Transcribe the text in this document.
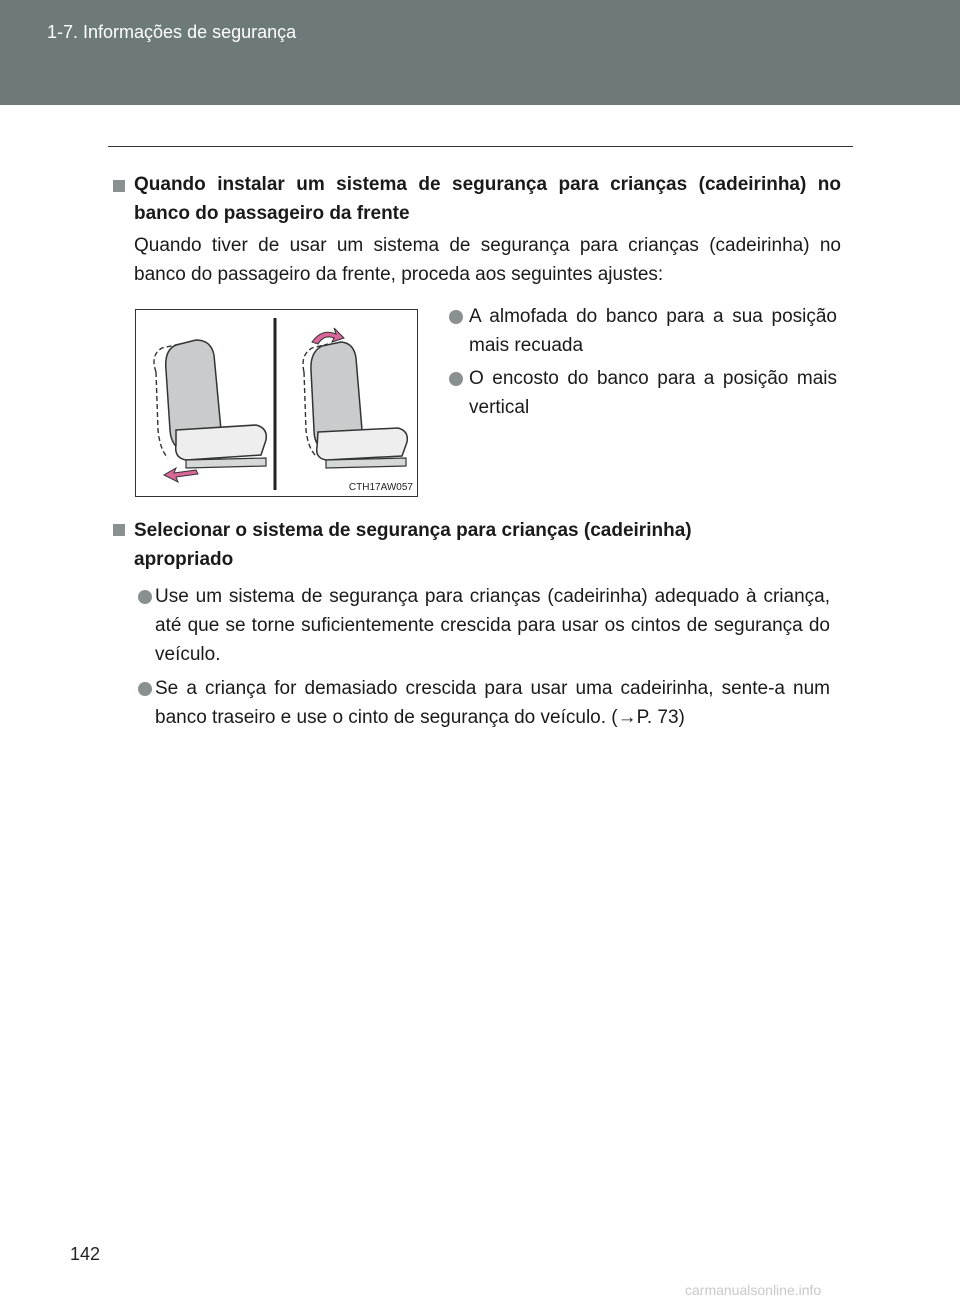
1-7. Informações de segurança
Quando instalar um sistema de segurança para crianças (cadeirinha) no banco do passageiro da frente
Quando tiver de usar um sistema de segurança para crianças (cadeirinha) no banco do passageiro da frente, proceda aos seguintes ajustes:
CTH17AW057
A almofada do banco para a sua posição mais recuada
O encosto do banco para a posição mais vertical
Selecionar o sistema de segurança para crianças (cadeirinha) apropriado
Use um sistema de segurança para crianças (cadeirinha) adequado à criança, até que se torne suficientemente crescida para usar os cintos de segurança do veículo.
Se a criança for demasiado crescida para usar uma cadeirinha, sente-a num banco traseiro e use o cinto de segurança do veículo. (→P. 73)
142
carmanualsonline.info
